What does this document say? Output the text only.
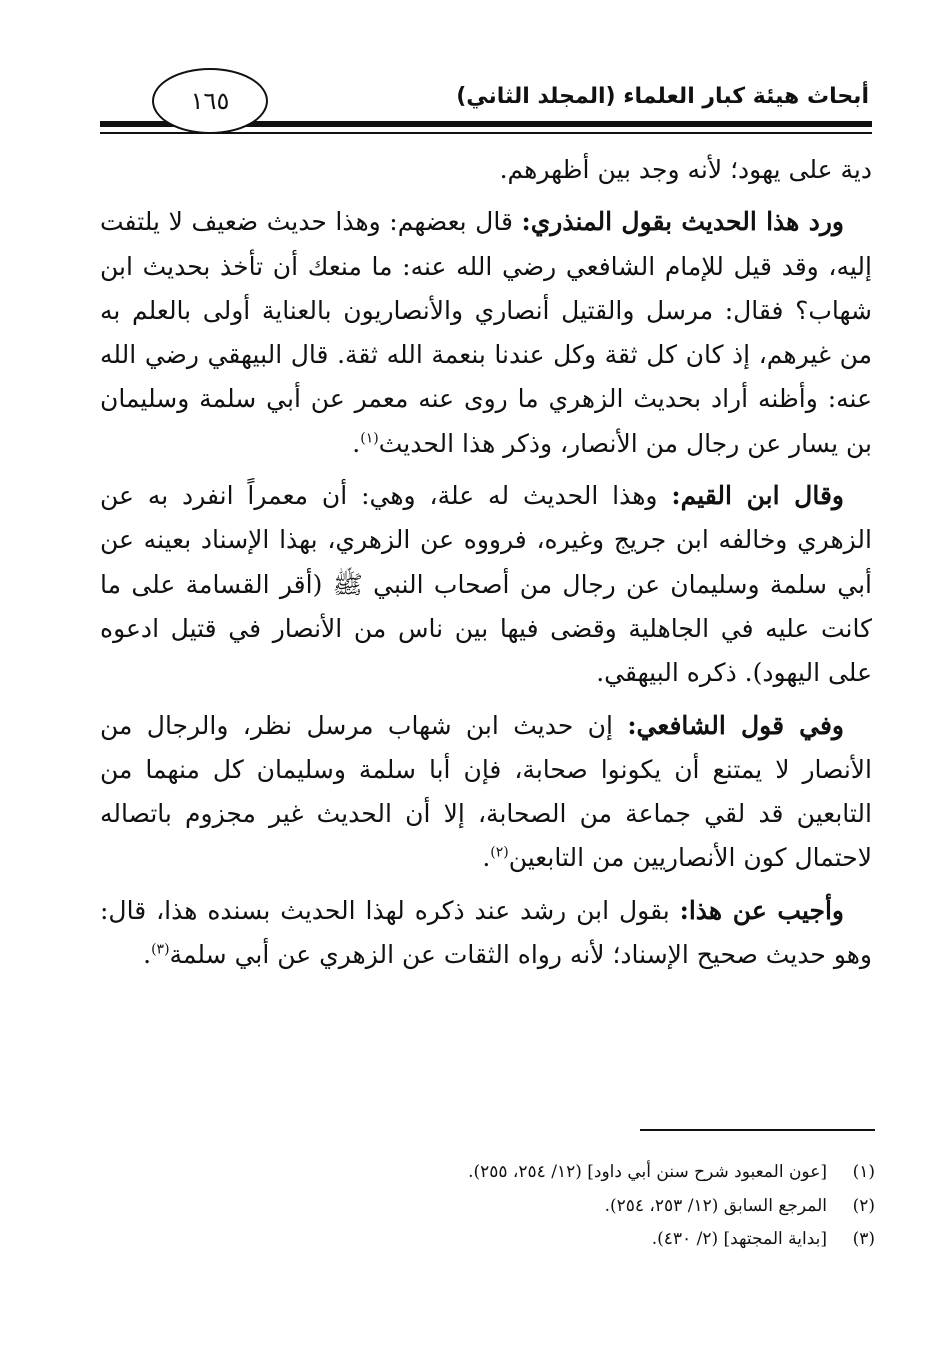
أبحاث هيئة كبار العلماء (المجلد الثاني)
١٦٥

دية على يهود؛ لأنه وجد بين أظهرهم.

ورد هذا الحديث بقول المنذري: قال بعضهم: وهذا حديث ضعيف لا يلتفت إليه، وقد قيل للإمام الشافعي رضي الله عنه: ما منعك أن تأخذ بحديث ابن شهاب؟ فقال: مرسل والقتيل أنصاري والأنصاريون بالعناية أولى بالعلم به من غيرهم، إذ كان كل ثقة وكل عندنا بنعمة الله ثقة. قال البيهقي رضي الله عنه: وأظنه أراد بحديث الزهري ما روى عنه معمر عن أبي سلمة وسليمان بن يسار عن رجال من الأنصار، وذكر هذا الحديث$^{(١)}$.

وقال ابن القيم: وهذا الحديث له علة، وهي: أن معمراً انفرد به عن الزهري وخالفه ابن جريج وغيره، فرووه عن الزهري، بهذا الإسناد بعينه عن أبي سلمة وسليمان عن رجال من أصحاب النبي ﷺ (أقر القسامة على ما كانت عليه في الجاهلية وقضى فيها بين ناس من الأنصار في قتيل ادعوه على اليهود). ذكره البيهقي.

وفي قول الشافعي: إن حديث ابن شهاب مرسل نظر، والرجال من الأنصار لا يمتنع أن يكونوا صحابة، فإن أبا سلمة وسليمان كل منهما من التابعين قد لقي جماعة من الصحابة، إلا أن الحديث غير مجزوم باتصاله لاحتمال كون الأنصاريين من التابعين$^{(٢)}$.

وأجيب عن هذا: بقول ابن رشد عند ذكره لهذا الحديث بسنده هذا، قال: وهو حديث صحيح الإسناد؛ لأنه رواه الثقات عن الزهري عن أبي سلمة$^{(٣)}$.

(١)[عون المعبود شرح سنن أبي داود] (١٢/ ٢٥٤، ٢٥٥).
(٢)المرجع السابق (١٢/ ٢٥٣، ٢٥٤).
(٣)[بداية المجتهد] (٢/ ٤٣٠).
